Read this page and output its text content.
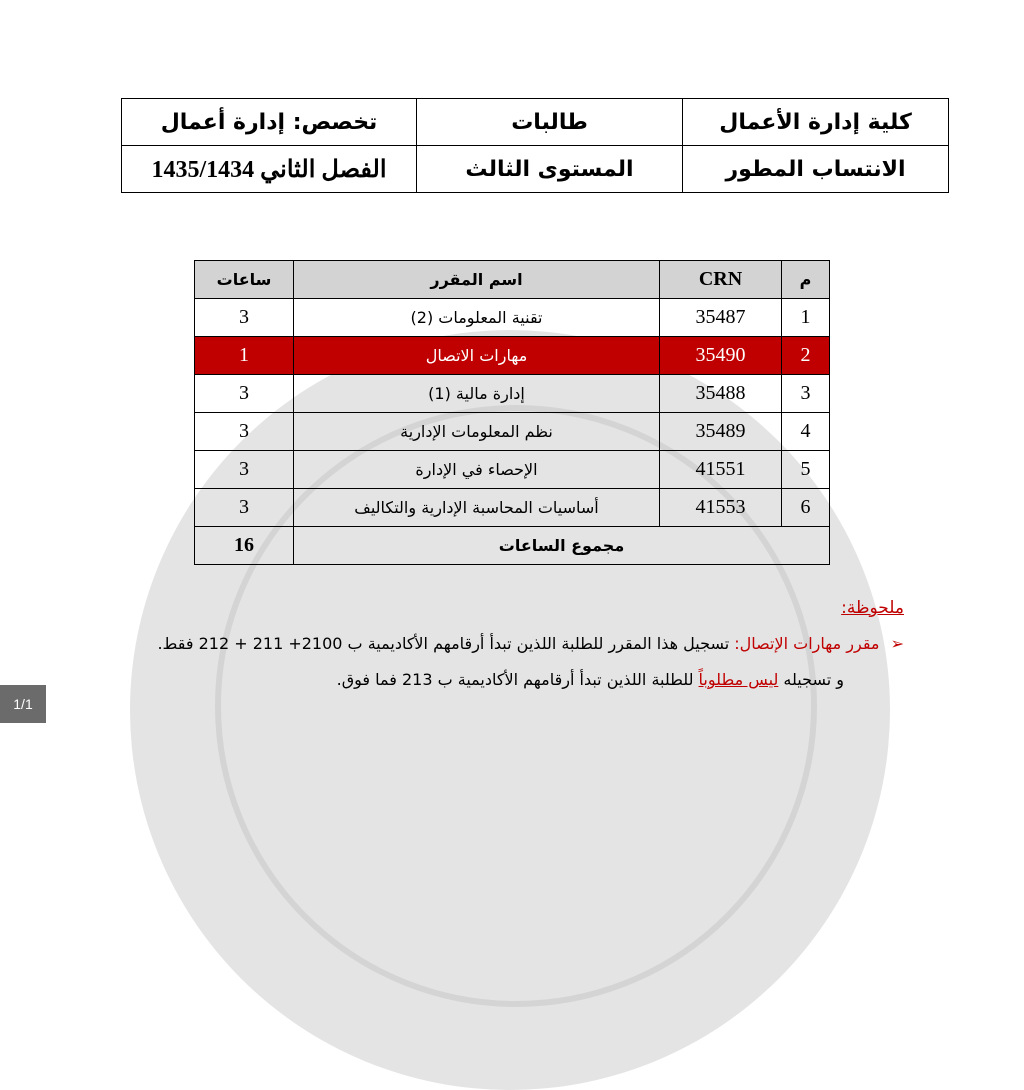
كلية إدارة الأعمال	طالبات	تخصص: إدارة أعمال
الانتساب المطور	المستوى الثالث	الفصل الثاني 1435/1434
م	CRN	اسم المقرر	ساعات
1	35487	تقنية المعلومات (2)	3
2	35490	مهارات الاتصال	1
3	35488	إدارة مالية (1)	3
4	35489	نظم المعلومات الإدارية	3
5	41551	الإحصاء في الإدارة	3
6	41553	أساسيات المحاسبة الإدارية والتكاليف	3
مجموع الساعات			16
ملحوظة:
➢ مقرر مهارات الإتصال: تسجيل هذا المقرر للطلبة اللذين تبدأ أرقامهم الأكاديمية ب 2100+ 211 + 212 فقط.
و تسجيله ليس مطلوباً للطلبة اللذين تبدأ أرقامهم الأكاديمية ب 213 فما فوق.
1/1
